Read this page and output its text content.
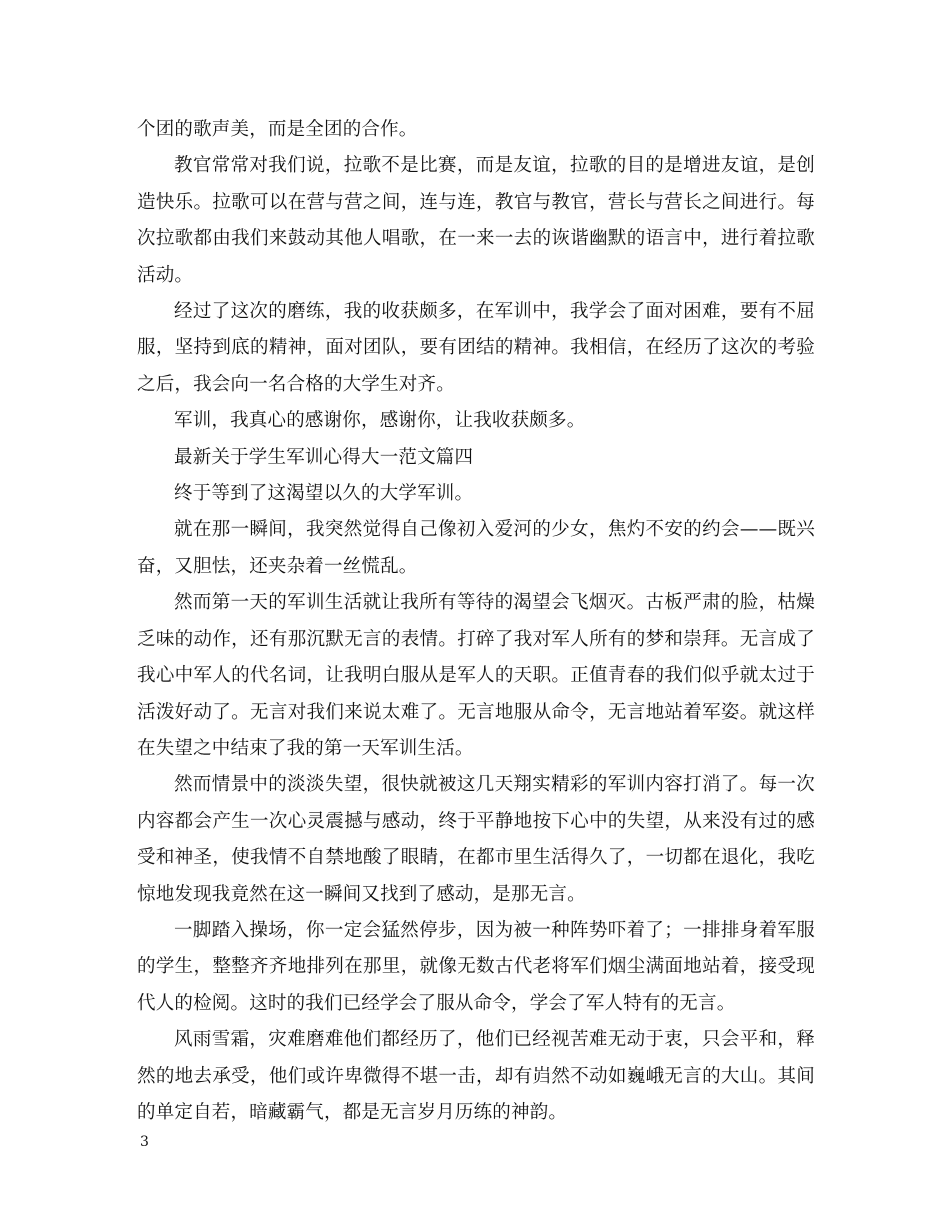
个团的歌声美，而是全团的合作。

教官常常对我们说，拉歌不是比赛，而是友谊，拉歌的目的是增进友谊，是创造快乐。拉歌可以在营与营之间，连与连，教官与教官，营长与营长之间进行。每次拉歌都由我们来鼓动其他人唱歌，在一来一去的诙谐幽默的语言中，进行着拉歌活动。

经过了这次的磨练，我的收获颇多，在军训中，我学会了面对困难，要有不屈服，坚持到底的精神，面对团队，要有团结的精神。我相信，在经历了这次的考验之后，我会向一名合格的大学生对齐。

军训，我真心的感谢你，感谢你，让我收获颇多。

最新关于学生军训心得大一范文篇四

终于等到了这渴望以久的大学军训。

就在那一瞬间，我突然觉得自己像初入爱河的少女，焦灼不安的约会——既兴奋，又胆怯，还夹杂着一丝慌乱。

然而第一天的军训生活就让我所有等待的渴望会飞烟灭。古板严肃的脸，枯燥乏味的动作，还有那沉默无言的表情。打碎了我对军人所有的梦和崇拜。无言成了我心中军人的代名词，让我明白服从是军人的天职。正值青春的我们似乎就太过于活泼好动了。无言对我们来说太难了。无言地服从命令，无言地站着军姿。就这样在失望之中结束了我的第一天军训生活。

然而情景中的淡淡失望，很快就被这几天翔实精彩的军训内容打消了。每一次内容都会产生一次心灵震撼与感动，终于平静地按下心中的失望，从来没有过的感受和神圣，使我情不自禁地酸了眼睛，在都市里生活得久了，一切都在退化，我吃惊地发现我竟然在这一瞬间又找到了感动，是那无言。

一脚踏入操场，你一定会猛然停步，因为被一种阵势吓着了；一排排身着军服的学生，整整齐齐地排列在那里，就像无数古代老将军们烟尘满面地站着，接受现代人的检阅。这时的我们已经学会了服从命令，学会了军人特有的无言。

风雨雪霜，灾难磨难他们都经历了，他们已经视苦难无动于衷，只会平和，释然的地去承受，他们或许卑微得不堪一击，却有岿然不动如巍峨无言的大山。其间的单定自若，暗藏霸气，都是无言岁月历练的神韵。

3
